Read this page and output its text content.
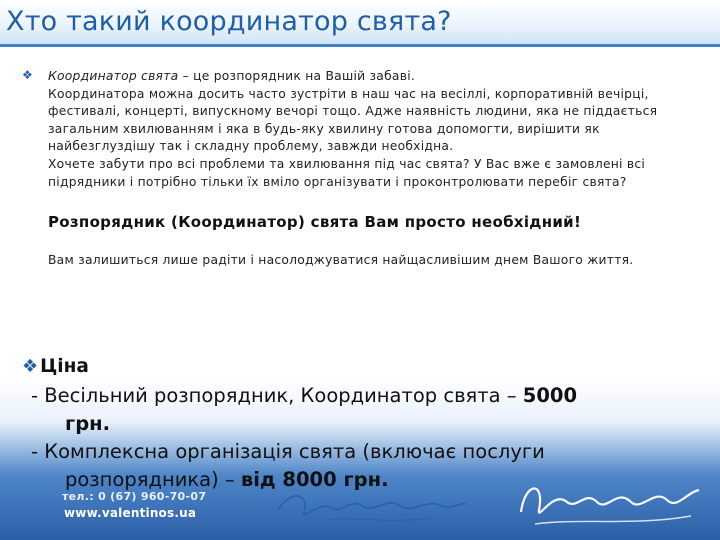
Хто такий координатор свята?
❖ Координатор свята – це розпорядник на Вашій забаві.
Координатора можна досить часто зустріти в наш час на весіллі, корпоративній вечірці, фестивалі, концерті, випускному вечорі тощо. Адже наявність людини, яка не піддається загальним хвилюванням і яка в будь-яку хвилину готова допомогти, вирішити як найбезглуздішу так і складну проблему, завжди необхідна.
Хочете забути про всі проблеми та хвилювання під час свята? У Вас вже є замовлені всі підрядники і потрібно тільки їх вміло організувати і проконтролювати перебіг свята?
Розпорядник (Координатор) свята Вам просто необхідний!
Вам залишиться лише радіти і насолоджуватися найщасливішим днем Вашого життя.
❖ Ціна
- Весільний розпорядник, Координатор свята – 5000
грн.
- Комплексна організація свята (включає послуги
розпорядника) – від 8000 грн.
тел.: 0 (67) 960-70-07
www.valentinos.ua
